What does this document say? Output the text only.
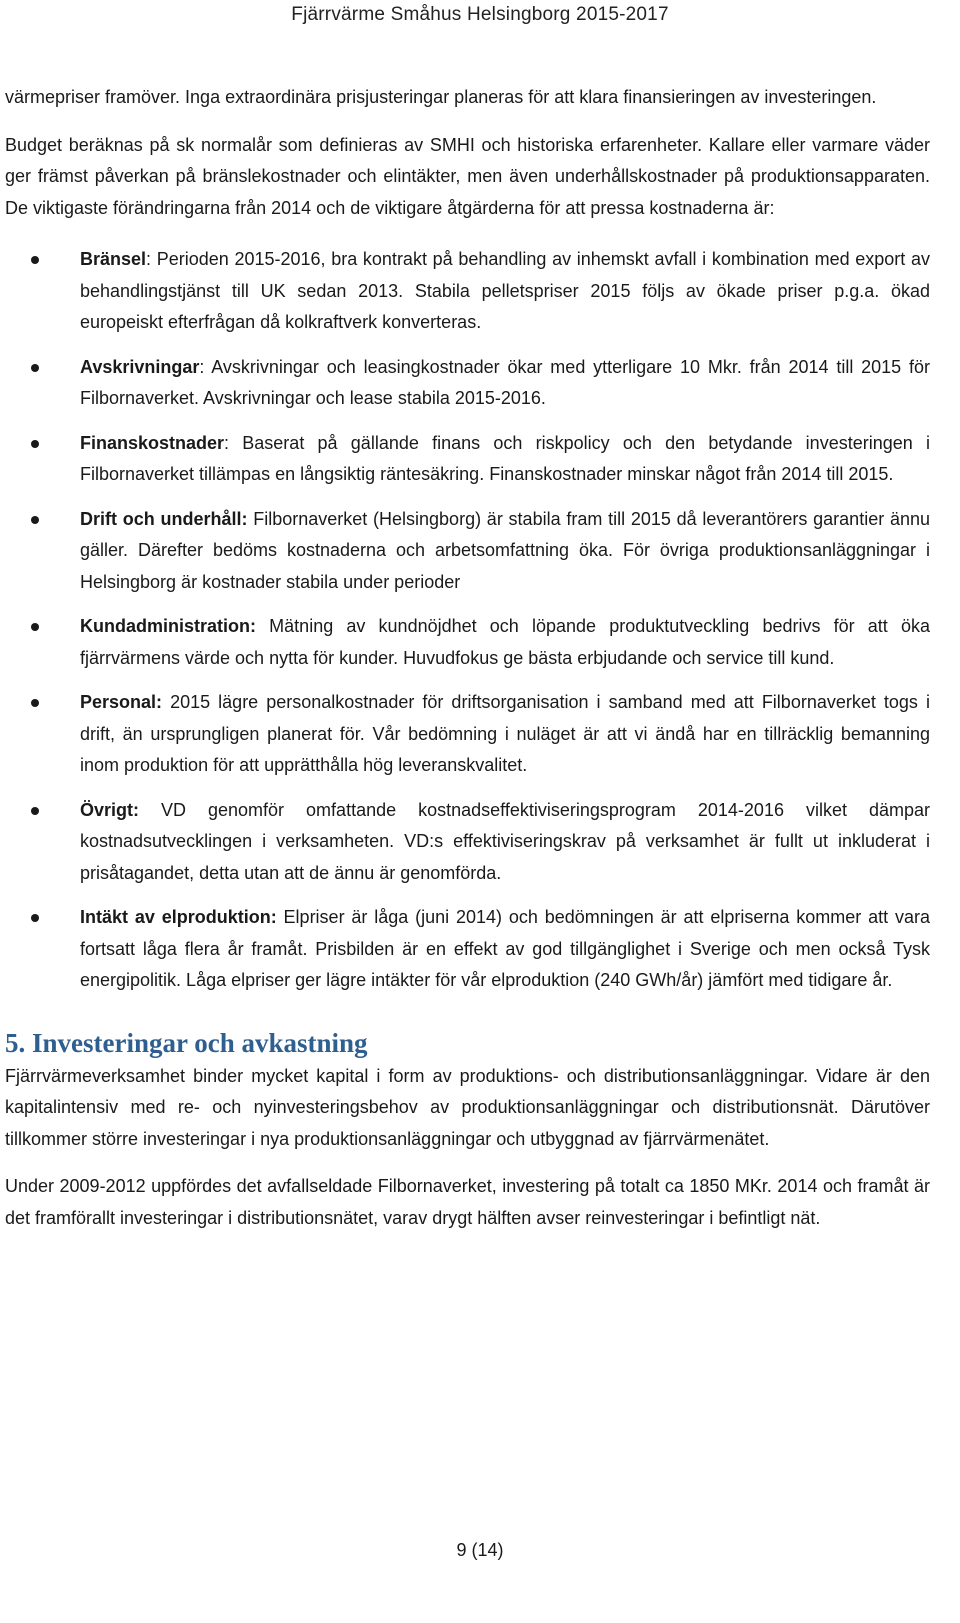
Fjärrvärme Småhus Helsingborg 2015-2017

värmepriser framöver. Inga extraordinära prisjusteringar planeras för att klara finansieringen av investeringen.

Budget beräknas på sk normalår som definieras av SMHI och historiska erfarenheter. Kallare eller varmare väder ger främst påverkan på bränslekostnader och elintäkter, men även underhållskostnader på produktionsapparaten. De viktigaste förändringarna från 2014 och de viktigare åtgärderna för att pressa kostnaderna är:

Bränsel: Perioden 2015-2016, bra kontrakt på behandling av inhemskt avfall i kombination med export av behandlingstjänst till UK sedan 2013. Stabila pelletspriser 2015 följs av ökade priser p.g.a. ökad europeiskt efterfrågan då kolkraftverk konverteras.
Avskrivningar: Avskrivningar och leasingkostnader ökar med ytterligare 10 Mkr. från 2014 till 2015 för Filbornaverket. Avskrivningar och lease stabila 2015-2016.
Finanskostnader: Baserat på gällande finans och riskpolicy och den betydande investeringen i Filbornaverket tillämpas en långsiktig räntesäkring. Finanskostnader minskar något från 2014 till 2015.
Drift och underhåll: Filbornaverket (Helsingborg) är stabila fram till 2015 då leverantörers garantier ännu gäller. Därefter bedöms kostnaderna och arbetsomfattning öka. För övriga produktionsanläggningar i Helsingborg är kostnader stabila under perioder
Kundadministration: Mätning av kundnöjdhet och löpande produktutveckling bedrivs för att öka fjärrvärmens värde och nytta för kunder. Huvudfokus ge bästa erbjudande och service till kund.
Personal: 2015 lägre personalkostnader för driftsorganisation i samband med att Filbornaverket togs i drift, än ursprungligen planerat för. Vår bedömning i nuläget är att vi ändå har en tillräcklig bemanning inom produktion för att upprätthålla hög leveranskvalitet.
Övrigt: VD genomför omfattande kostnadseffektiviseringsprogram 2014-2016 vilket dämpar kostnadsutvecklingen i verksamheten. VD:s effektiviseringskrav på verksamhet är fullt ut inkluderat i prisåtagandet, detta utan att de ännu är genomförda.
Intäkt av elproduktion: Elpriser är låga (juni 2014) och bedömningen är att elpriserna kommer att vara fortsatt låga flera år framåt. Prisbilden är en effekt av god tillgänglighet i Sverige och men också Tysk energipolitik. Låga elpriser ger lägre intäkter för vår elproduktion (240 GWh/år) jämfört med tidigare år.
5. Investeringar och avkastning

Fjärrvärmeverksamhet binder mycket kapital i form av produktions- och distributionsanläggningar. Vidare är den kapitalintensiv med re- och nyinvesteringsbehov av produktionsanläggningar och distributionsnät. Därutöver tillkommer större investeringar i nya produktionsanläggningar och utbyggnad av fjärrvärmenätet.

Under 2009-2012 uppfördes det avfallseldade Filbornaverket, investering på totalt ca 1850 MKr. 2014 och framåt är det framförallt investeringar i distributionsnätet, varav drygt hälften avser reinvesteringar i befintligt nät.

9 (14)
